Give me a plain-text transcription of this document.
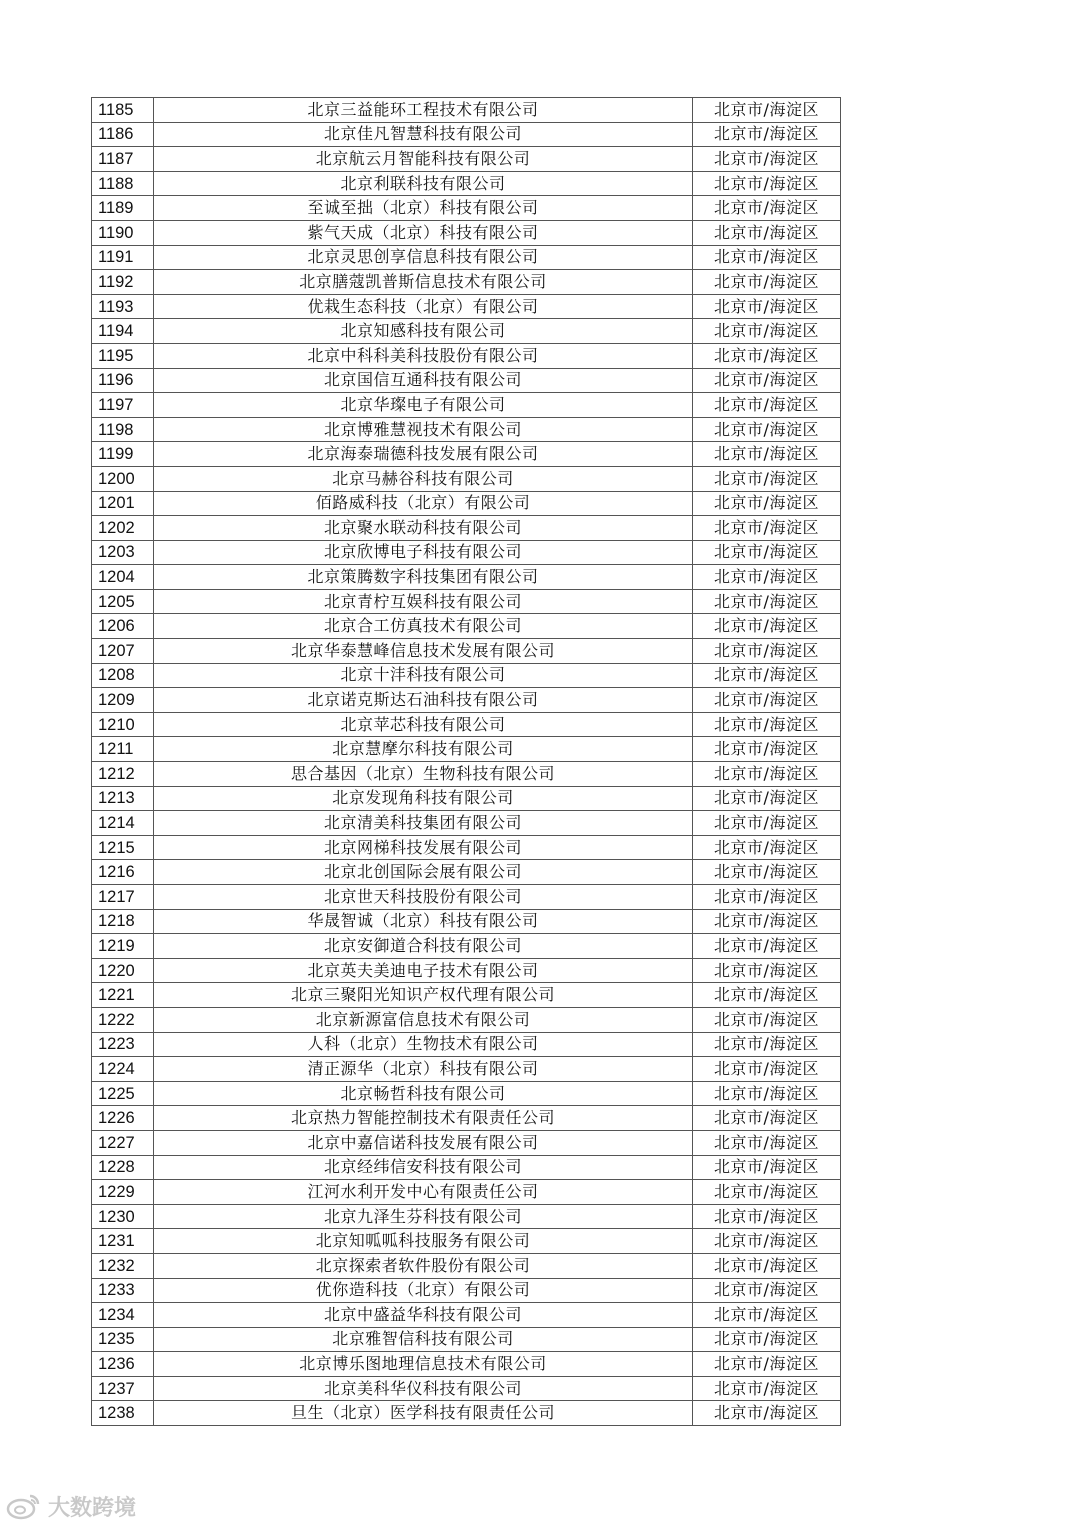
1185	北京三益能环工程技术有限公司	北京市/海淀区
1186	北京佳凡智慧科技有限公司	北京市/海淀区
1187	北京航云月智能科技有限公司	北京市/海淀区
1188	北京利联科技有限公司	北京市/海淀区
1189	至诚至拙（北京）科技有限公司	北京市/海淀区
1190	紫气天成（北京）科技有限公司	北京市/海淀区
1191	北京灵思创享信息科技有限公司	北京市/海淀区
1192	北京膳蔻凯普斯信息技术有限公司	北京市/海淀区
1193	优栽生态科技（北京）有限公司	北京市/海淀区
1194	北京知感科技有限公司	北京市/海淀区
1195	北京中科科美科技股份有限公司	北京市/海淀区
1196	北京国信互通科技有限公司	北京市/海淀区
1197	北京华璨电子有限公司	北京市/海淀区
1198	北京博雅慧视技术有限公司	北京市/海淀区
1199	北京海泰瑞德科技发展有限公司	北京市/海淀区
1200	北京马赫谷科技有限公司	北京市/海淀区
1201	佰路威科技（北京）有限公司	北京市/海淀区
1202	北京聚水联动科技有限公司	北京市/海淀区
1203	北京欣博电子科技有限公司	北京市/海淀区
1204	北京策腾数字科技集团有限公司	北京市/海淀区
1205	北京青柠互娱科技有限公司	北京市/海淀区
1206	北京合工仿真技术有限公司	北京市/海淀区
1207	北京华泰慧峰信息技术发展有限公司	北京市/海淀区
1208	北京十沣科技有限公司	北京市/海淀区
1209	北京诺克斯达石油科技有限公司	北京市/海淀区
1210	北京苹芯科技有限公司	北京市/海淀区
1211	北京慧摩尔科技有限公司	北京市/海淀区
1212	思合基因（北京）生物科技有限公司	北京市/海淀区
1213	北京发现角科技有限公司	北京市/海淀区
1214	北京清美科技集团有限公司	北京市/海淀区
1215	北京网梯科技发展有限公司	北京市/海淀区
1216	北京北创国际会展有限公司	北京市/海淀区
1217	北京世天科技股份有限公司	北京市/海淀区
1218	华晟智诚（北京）科技有限公司	北京市/海淀区
1219	北京安御道合科技有限公司	北京市/海淀区
1220	北京英夫美迪电子技术有限公司	北京市/海淀区
1221	北京三聚阳光知识产权代理有限公司	北京市/海淀区
1222	北京新源富信息技术有限公司	北京市/海淀区
1223	人科（北京）生物技术有限公司	北京市/海淀区
1224	清正源华（北京）科技有限公司	北京市/海淀区
1225	北京畅哲科技有限公司	北京市/海淀区
1226	北京热力智能控制技术有限责任公司	北京市/海淀区
1227	北京中嘉信诺科技发展有限公司	北京市/海淀区
1228	北京经纬信安科技有限公司	北京市/海淀区
1229	江河水利开发中心有限责任公司	北京市/海淀区
1230	北京九泽生芬科技有限公司	北京市/海淀区
1231	北京知呱呱科技服务有限公司	北京市/海淀区
1232	北京探索者软件股份有限公司	北京市/海淀区
1233	优你造科技（北京）有限公司	北京市/海淀区
1234	北京中盛益华科技有限公司	北京市/海淀区
1235	北京雅智信科技有限公司	北京市/海淀区
1236	北京博乐图地理信息技术有限公司	北京市/海淀区
1237	北京美科华仪科技有限公司	北京市/海淀区
1238	旦生（北京）医学科技有限责任公司	北京市/海淀区
大数跨境
